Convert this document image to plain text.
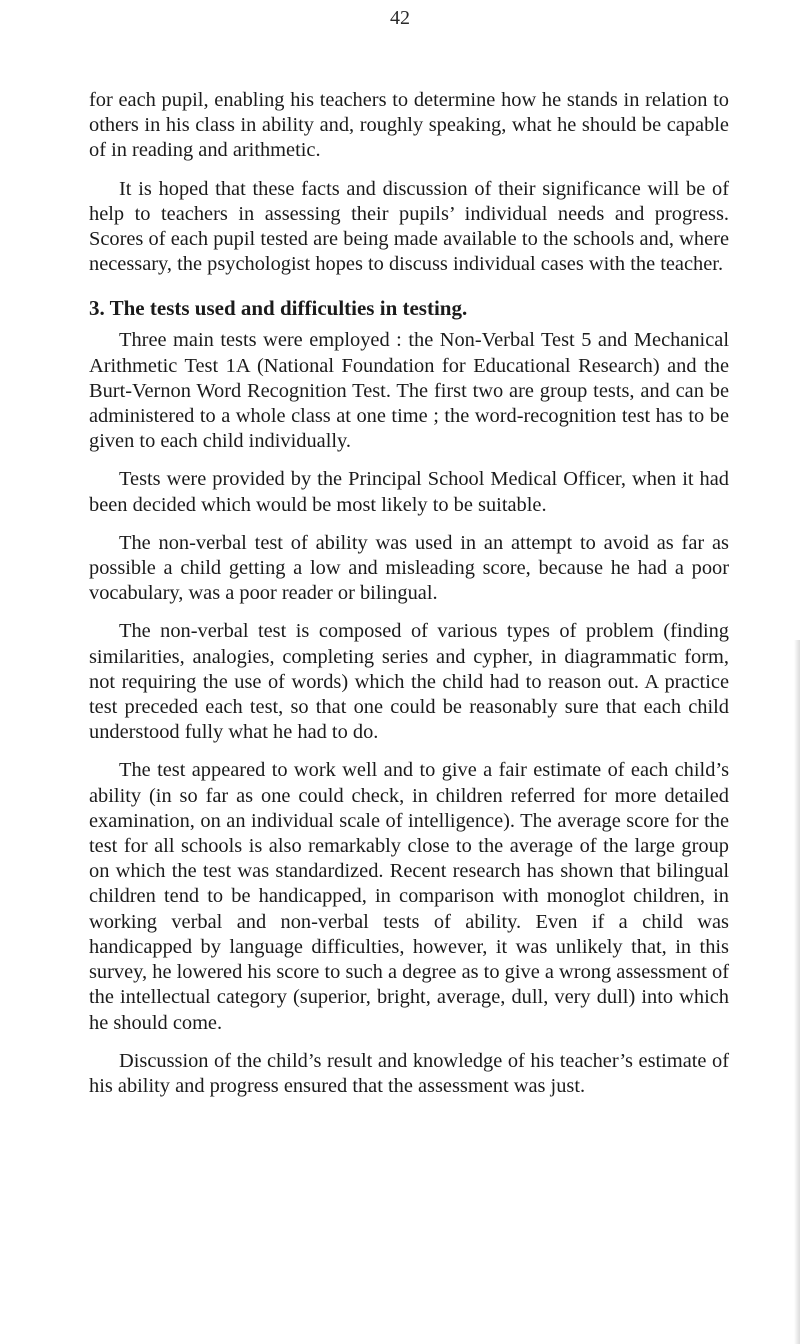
42

for each pupil, enabling his teachers to determine how he stands in relation to others in his class in ability and, roughly speaking, what he should be capable of in reading and arithmetic.

It is hoped that these facts and discussion of their significance will be of help to teachers in assessing their pupils’ individual needs and progress. Scores of each pupil tested are being made available to the schools and, where necessary, the psychologist hopes to discuss individual cases with the teacher.

3. The tests used and difficulties in testing.

Three main tests were employed : the Non-Verbal Test 5 and Mechanical Arithmetic Test 1A (National Foundation for Educational Research) and the Burt-Vernon Word Recognition Test. The first two are group tests, and can be administered to a whole class at one time ; the word-recognition test has to be given to each child individually.

Tests were provided by the Principal School Medical Officer, when it had been decided which would be most likely to be suitable.

The non-verbal test of ability was used in an attempt to avoid as far as possible a child getting a low and misleading score, because he had a poor vocabulary, was a poor reader or bilingual.

The non-verbal test is composed of various types of problem (finding similarities, analogies, completing series and cypher, in diagrammatic form, not requiring the use of words) which the child had to reason out. A practice test preceded each test, so that one could be reasonably sure that each child understood fully what he had to do.

The test appeared to work well and to give a fair estimate of each child’s ability (in so far as one could check, in children referred for more detailed examination, on an individual scale of intelligence). The average score for the test for all schools is also remarkably close to the average of the large group on which the test was standardized. Recent research has shown that bilingual children tend to be handicapped, in comparison with monoglot children, in working verbal and non-verbal tests of ability. Even if a child was handicapped by language difficulties, however, it was unlikely that, in this survey, he lowered his score to such a degree as to give a wrong assessment of the intellectual category (superior, bright, average, dull, very dull) into which he should come.

Discussion of the child’s result and knowledge of his teacher’s estimate of his ability and progress ensured that the assessment was just.
